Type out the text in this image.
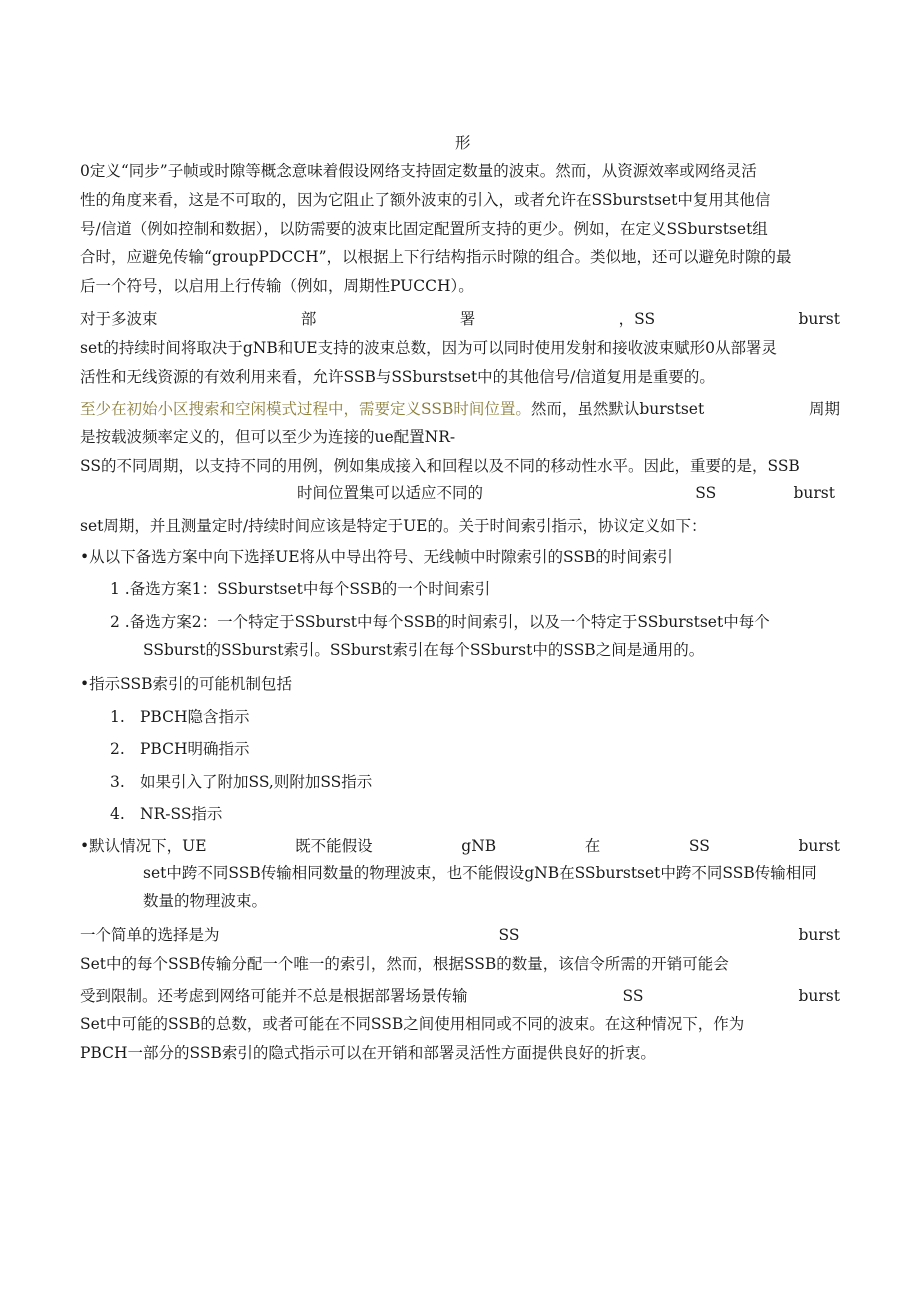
形
0定义“同步”子帧或时隙等概念意味着假设网络支持固定数量的波束。然而，从资源效率或网络灵活
性的角度来看，这是不可取的，因为它阻止了额外波束的引入，或者允许在SSburstset中复用其他信
号/信道（例如控制和数据），以防需要的波束比固定配置所支持的更少。例如，在定义SSburstset组
合时，应避免传输“groupPDCCH”，以根据上下行结构指示时隙的组合。类似地，还可以避免时隙的最
后一个符号，以启用上行传输（例如，周期性PUCCH）。
对于多波束	部	署	，SS	burst
set的持续时间将取决于gNB和UE支持的波束总数，因为可以同时使用发射和接收波束赋形0从部署灵
活性和无线资源的有效利用来看，允许SSB与SSburstset中的其他信号/信道复用是重要的。
至少在初始小区搜索和空闲模式过程中，需要定义SSB时间位置。然而，虽然默认burstset	周期
是按载波频率定义的，但可以至少为连接的ue配置NR-
SS的不同周期，以支持不同的用例，例如集成接入和回程以及不同的移动性水平。因此，重要的是，SSB
时间位置集可以适应不同的	SS	burst
set周期，并且测量定时/持续时间应该是特定于UE的。关于时间索引指示，协议定义如下：
•从以下备选方案中向下选择UE将从中导出符号、无线帧中时隙索引的SSB的时间索引
1 .备选方案1：SSburstset中每个SSB的一个时间索引
2 .备选方案2：一个特定于SSburst中每个SSB的时间索引，以及一个特定于SSburstset中每个
SSburst的SSburst索引。SSburst索引在每个SSburst中的SSB之间是通用的。
•指示SSB索引的可能机制包括
1. PBCH隐含指示
2. PBCH明确指示
3. 如果引入了附加SS,则附加SS指示
4. NR-SS指示
•默认情况下，UE	既不能假设	gNB	在	SS	burst
set中跨不同SSB传输相同数量的物理波束，也不能假设gNB在SSburstset中跨不同SSB传输相同
数量的物理波束。
一个简单的选择是为	SS	burst
Set中的每个SSB传输分配一个唯一的索引，然而，根据SSB的数量，该信令所需的开销可能会
受到限制。还考虑到网络可能并不总是根据部署场景传输	SS	burst
Set中可能的SSB的总数，或者可能在不同SSB之间使用相同或不同的波束。在这种情况下，作为
PBCH一部分的SSB索引的隐式指示可以在开销和部署灵活性方面提供良好的折衷。
